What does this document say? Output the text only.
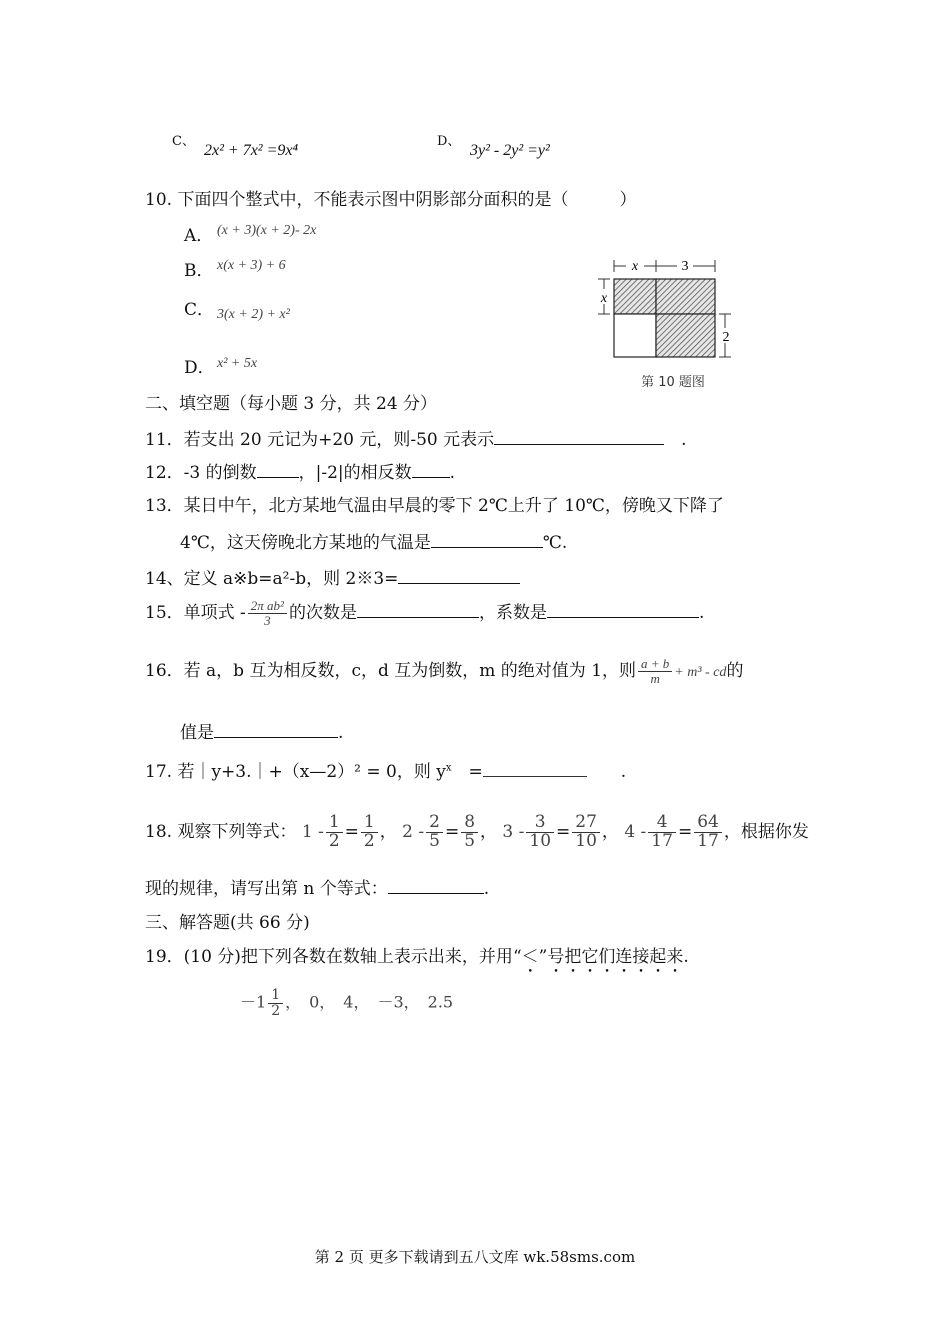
C、
2x² + 7x² =9x⁴
D、
3y² - 2y² =y²
10. 下面四个整式中，不能表示图中阴影部分面积的是（　　　）
A． (x + 3)(x + 2)- 2x
B． x(x + 3) + 6
C． 3(x + 2) + x²
D． x² + 5x
x	3
x
2
第 10 题图
二、填空题（每小题 3 分，共 24 分）
11．若支出 20 元记为+20 元，则-50 元表示　	.
12．-3 的倒数 ，|-2|的相反数 .
13．某日中午，北方某地气温由早晨的零下 2℃上升了 10℃，傍晚又下降了
4℃，这天傍晚北方某地的气温是	℃.
14、定义 a※b=a²-b，则 2※3=
15．单项式 - $\frac{\text{2π ab²}}{3}$ 的次数是	，系数是	.
16．若 a，b 互为相反数，c，d 互为倒数，m 的绝对值为 1，则 $\frac{a + b}{m} + m^3$ - cd的
值是	.
17. 若｜y+3.｜+（x—2）² = 0，则 $y^x$　 =　　	.
18. 观察下列等式： $1 - \frac{1}{2} = \frac{1}{2}$ ， $2 - \frac{2}{5} = \frac{8}{5}$ ， $3 - \frac{3}{10} = \frac{27}{10}$ ， $4 - \frac{4}{17} = \frac{64}{17}$ ，根据你发
现的规律，请写出第 n 个等式：	.
三、解答题(共 66 分)
19．(10 分)把下列各数在数轴上表示出来，并用“＜”号把它们连接起来.
$-1 \frac{1}{2}$ ，　0，　4，　－3，　2.5
第 2 页 更多下载请到五八文库 wk.58sms.com
